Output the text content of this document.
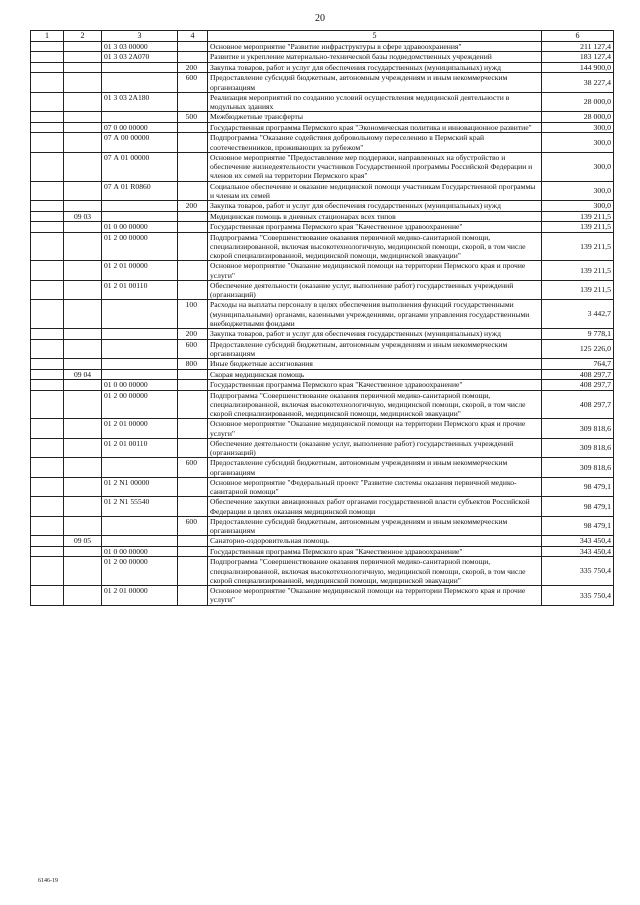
20
1	2	3	4	5	6
		01 3 03 00000		Основное мероприятие "Развитие инфраструктуры в сфере здравоохранения"	211 127,4
		01 3 03 2А070		Развитие и укрепление материально-технической базы подведомственных учреждений	183 127,4
			200	Закупка товаров, работ и услуг для обеспечения государственных (муниципальных) нужд	144 900,0
			600	Предоставление субсидий бюджетным, автономным учреждениям и иным некоммерческим организациям	38 227,4
		01 3 03 2А180		Реализация мероприятий по созданию условий осуществления медицинской деятельности в модульных зданиях	28 000,0
			500	Межбюджетные трансферты	28 000,0
		07 0 00 00000		Государственная программа Пермского края "Экономическая политика и инновационное развитие"	300,0
		07 А 00 00000		Подпрограмма "Оказание содействия добровольному переселению в Пермский край соотечественников, проживающих за рубежом"	300,0
		07 А 01 00000		Основное мероприятие "Предоставление мер поддержки, направленных на обустройство и обеспечение жизнедеятельности участников Государственной программы Российской Федерации и членов их семей на территории Пермского края"	300,0
		07 А 01 R0860		Социальное обеспечение и оказание медицинской помощи участникам Государственной программы и членам их семей	300,0
			200	Закупка товаров, работ и услуг для обеспечения государственных (муниципальных) нужд	300,0
	09 03			Медицинская помощь в дневных стационарах всех типов	139 211,5
		01 0 00 00000		Государственная программа Пермского края "Качественное здравоохранение"	139 211,5
		01 2 00 00000		Подпрограмма "Совершенствование оказания первичной медико-санитарной помощи, специализированной, включая высокотехнологичную, медицинской помощи, скорой, в том числе скорой специализированной, медицинской помощи, медицинской эвакуации"	139 211,5
		01 2 01 00000		Основное мероприятие "Оказание медицинской помощи на территории Пермского края и прочие услуги"	139 211,5
		01 2 01 00110		Обеспечение деятельности (оказание услуг, выполнение работ) государственных учреждений (организаций)	139 211,5
			100	Расходы на выплаты персоналу в целях обеспечения выполнения функций государственными (муниципальными) органами, казенными учреждениями, органами управления государственными внебюджетными фондами	3 442,7
			200	Закупка товаров, работ и услуг для обеспечения государственных (муниципальных) нужд	9 778,1
			600	Предоставление субсидий бюджетным, автономным учреждениям и иным некоммерческим организациям	125 226,0
			800	Иные бюджетные ассигнования	764,7
	09 04			Скорая медицинская помощь	408 297,7
		01 0 00 00000		Государственная программа Пермского края "Качественное здравоохранение"	408 297,7
		01 2 00 00000		Подпрограмма "Совершенствование оказания первичной медико-санитарной помощи, специализированной, включая высокотехнологичную, медицинской помощи, скорой, в том числе скорой специализированной, медицинской помощи, медицинской эвакуации"	408 297,7
		01 2 01 00000		Основное мероприятие "Оказание медицинской помощи на территории Пермского края и прочие услуги"	309 818,6
		01 2 01 00110		Обеспечение деятельности (оказание услуг, выполнение работ) государственных учреждений (организаций)	309 818,6
			600	Предоставление субсидий бюджетным, автономным учреждениям и иным некоммерческим организациям	309 818,6
		01 2 N1 00000		Основное мероприятие "Федеральный проект "Развитие системы оказания первичной медико-санитарной помощи"	98 479,1
		01 2 N1 55540		Обеспечение закупки авиационных работ органами государственной власти субъектов Российской Федерации в целях оказания медицинской помощи	98 479,1
			600	Предоставление субсидий бюджетным, автономным учреждениям и иным некоммерческим организациям	98 479,1
	09 05			Санаторно-оздоровительная помощь	343 450,4
		01 0 00 00000		Государственная программа Пермского края "Качественное здравоохранение"	343 450,4
		01 2 00 00000		Подпрограмма "Совершенствование оказания первичной медико-санитарной помощи, специализированной, включая высокотехнологичную, медицинской помощи, скорой, в том числе скорой специализированной, медицинской помощи, медицинской эвакуации"	335 750,4
		01 2 01 00000		Основное мероприятие "Оказание медицинской помощи на территории Пермского края и прочие услуги"	335 750,4
6146-19
